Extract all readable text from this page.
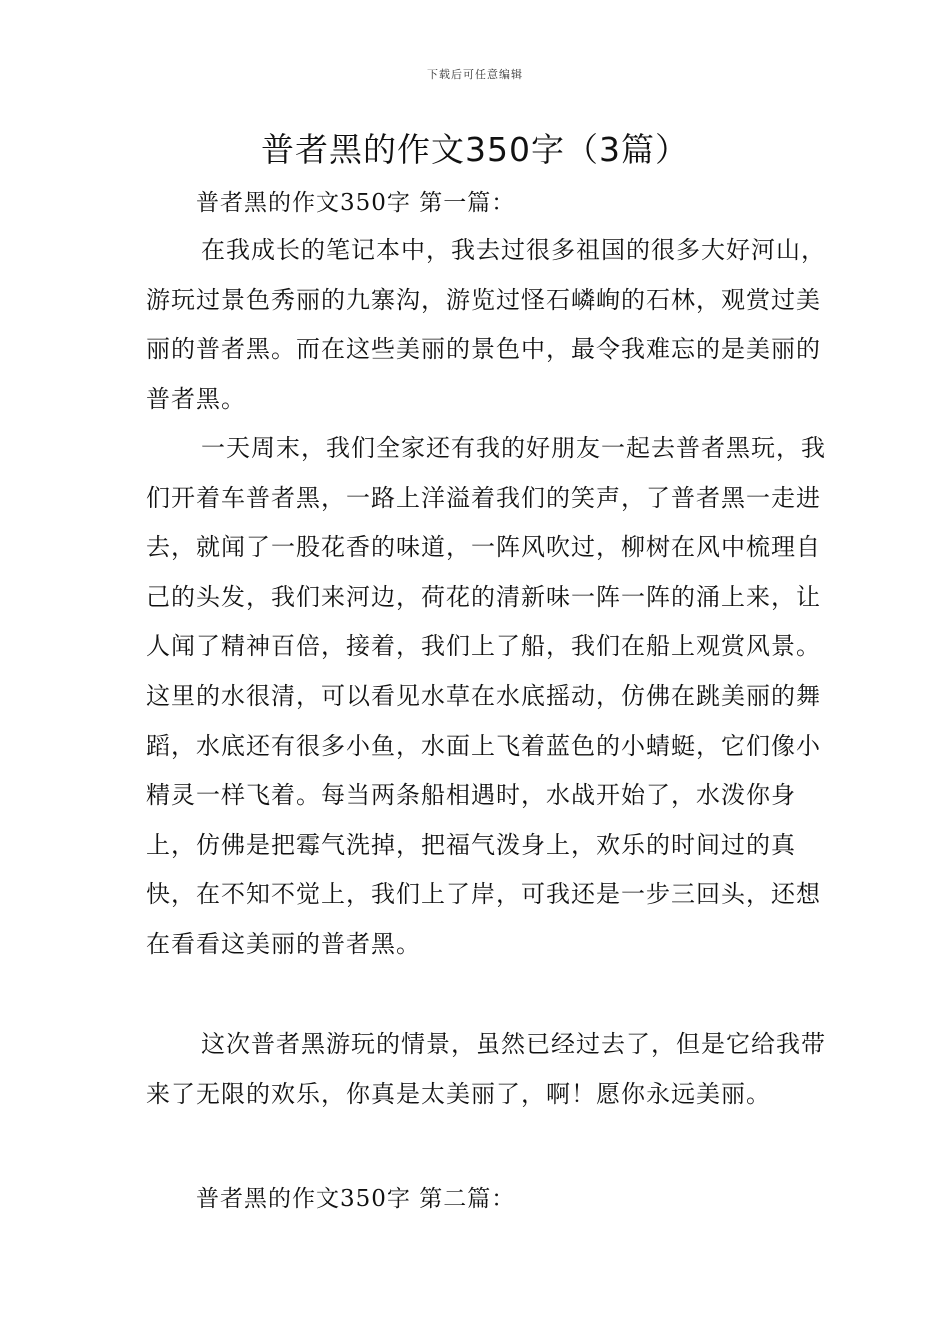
下载后可任意编辑
普者黑的作文350字（3篇）

普者黑的作文350字 第一篇：

在我成长的笔记本中，我去过很多祖国的很多大好河山，游玩过景色秀丽的九寨沟，游览过怪石嶙峋的石林，观赏过美丽的普者黑。而在这些美丽的景色中，最令我难忘的是美丽的普者黑。

一天周末，我们全家还有我的好朋友一起去普者黑玩，我们开着车普者黑，一路上洋溢着我们的笑声，了普者黑一走进去，就闻了一股花香的味道，一阵风吹过，柳树在风中梳理自己的头发，我们来河边，荷花的清新味一阵一阵的涌上来，让人闻了精神百倍，接着，我们上了船，我们在船上观赏风景。这里的水很清，可以看见水草在水底摇动，仿佛在跳美丽的舞蹈，水底还有很多小鱼，水面上飞着蓝色的小蜻蜓，它们像小精灵一样飞着。每当两条船相遇时，水战开始了，水泼你身上，仿佛是把霉气洗掉，把福气泼身上，欢乐的时间过的真快，在不知不觉上，我们上了岸，可我还是一步三回头，还想在看看这美丽的普者黑。

这次普者黑游玩的情景，虽然已经过去了，但是它给我带来了无限的欢乐，你真是太美丽了，啊！愿你永远美丽。

普者黑的作文350字 第二篇：
